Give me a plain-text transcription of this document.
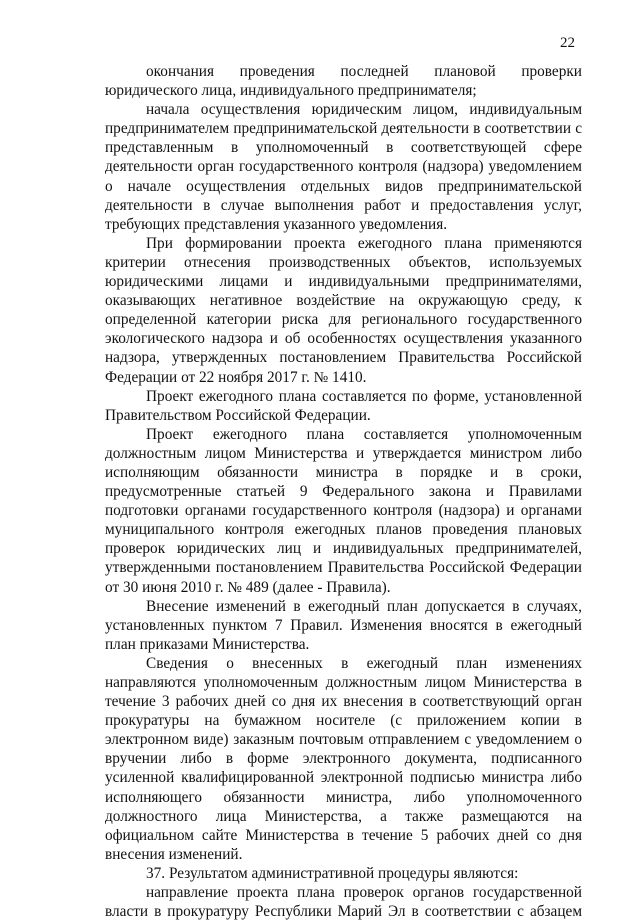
22

окончания проведения последней плановой проверки юридического лица, индивидуального предпринимателя;

начала осуществления юридическим лицом, индивидуальным предпринимателем предпринимательской деятельности в соответствии с представленным в уполномоченный в соответствующей сфере деятельности орган государственного контроля (надзора) уведомлением о начале осуществления отдельных видов предпринимательской деятельности в случае выполнения работ и предоставления услуг, требующих представления указанного уведомления.

При формировании проекта ежегодного плана применяются критерии отнесения производственных объектов, используемых юридическими лицами и индивидуальными предпринимателями, оказывающих негативное воздействие на окружающую среду, к определенной категории риска для регионального государственного экологического надзора и об особенностях осуществления указанного надзора, утвержденных постановлением Правительства Российской Федерации от 22 ноября 2017 г. № 1410.

Проект ежегодного плана составляется по форме, установленной Правительством Российской Федерации.

Проект ежегодного плана составляется уполномоченным должностным лицом Министерства и утверждается министром либо исполняющим обязанности министра в порядке и в сроки, предусмотренные статьей 9 Федерального закона и Правилами подготовки органами государственного контроля (надзора) и органами муниципального контроля ежегодных планов проведения плановых проверок юридических лиц и индивидуальных предпринимателей, утвержденными постановлением Правительства Российской Федерации от 30 июня 2010 г. № 489 (далее - Правила).

Внесение изменений в ежегодный план допускается в случаях, установленных пунктом 7 Правил. Изменения вносятся в ежегодный план приказами Министерства.

Сведения о внесенных в ежегодный план изменениях направляются уполномоченным должностным лицом Министерства в течение 3 рабочих дней со дня их внесения в соответствующий орган прокуратуры на бумажном носителе (с приложением копии в электронном виде) заказным почтовым отправлением с уведомлением о вручении либо в форме электронного документа, подписанного усиленной квалифицированной электронной подписью министра либо исполняющего обязанности министра, либо уполномоченного должностного лица Министерства, а также размещаются на официальном сайте Министерства в течение 5 рабочих дней со дня внесения изменений.

37. Результатом административной процедуры являются:

направление проекта плана проверок органов государственной власти в прокуратуру Республики Марий Эл в соответствии с абзацем
